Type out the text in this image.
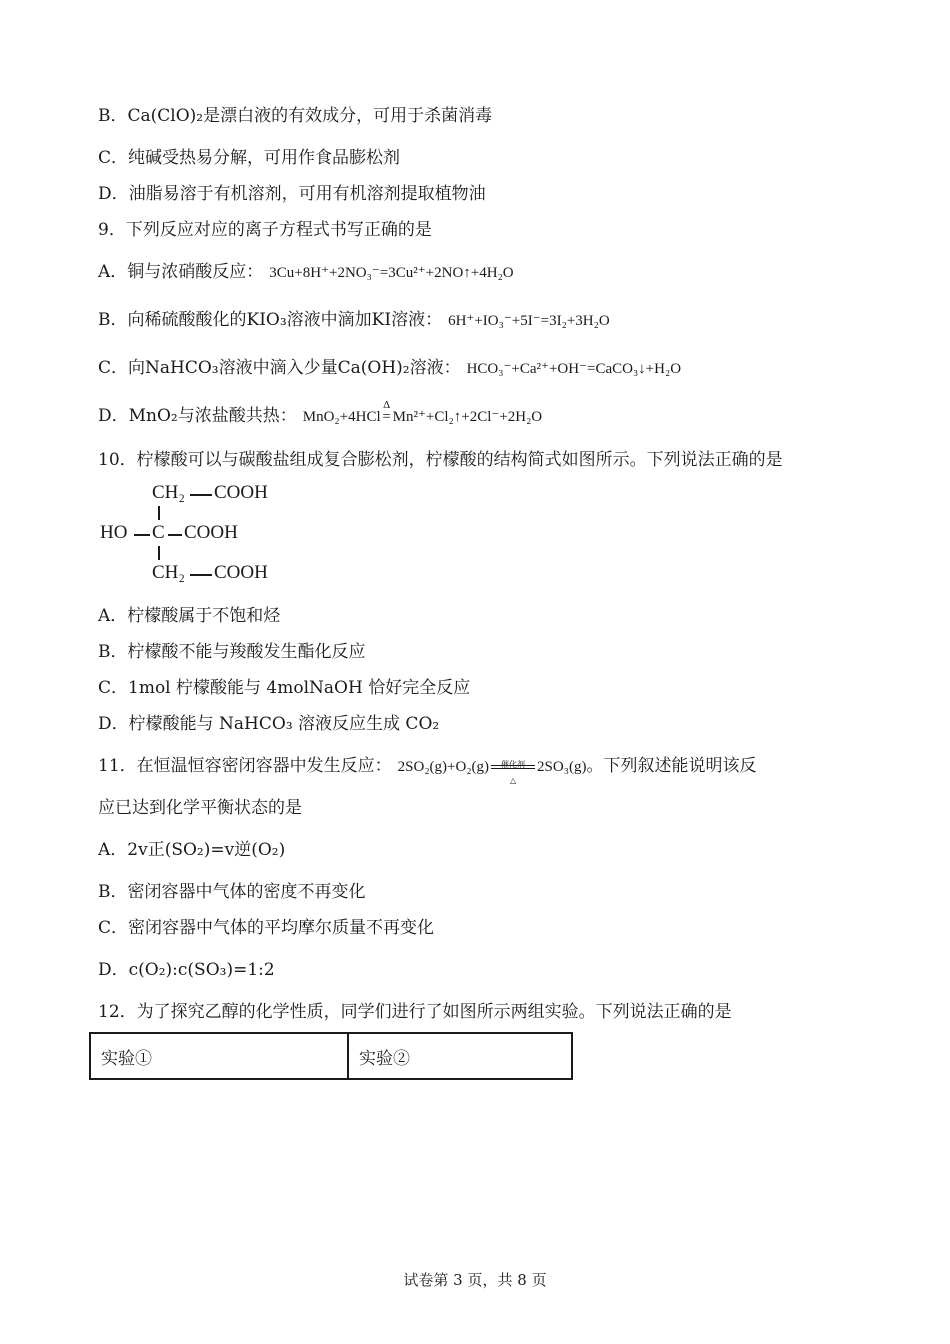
B．Ca(ClO)₂是漂白液的有效成分，可用于杀菌消毒
C．纯碱受热易分解，可用作食品膨松剂
D．油脂易溶于有机溶剂，可用有机溶剂提取植物油
9．下列反应对应的离子方程式书写正确的是
A．铜与浓硝酸反应： 3Cu+8H⁺+2NO₃⁻=3Cu²⁺+2NO↑+4H₂O
B．向稀硫酸酸化的KIO₃溶液中滴加KI溶液： 6H⁺+IO₃⁻+5I⁻=3I₂+3H₂O
C．向NaHCO₃溶液中滴入少量Ca(OH)₂溶液： HCO₃⁻+Ca²⁺+OH⁻=CaCO₃↓+H₂O
D．MnO₂与浓盐酸共热： MnO₂+4HCl
Δ
= Mn²⁺+Cl₂↑+2Cl⁻+2H₂O
10．柠檬酸可以与碳酸盐组成复合膨松剂，柠檬酸的结构简式如图所示。下列说法正确的是
CH₂ COOH
HO C COOH
CH₂ COOH
A．柠檬酸属于不饱和烃
B．柠檬酸不能与羧酸发生酯化反应
C．1mol 柠檬酸能与 4molNaOH 恰好完全反应
D．柠檬酸能与 NaHCO₃ 溶液反应生成 CO₂
11．在恒温恒容密闭容器中发生反应： 2SO₂(g)+O₂(g)
△
2SO₃(g)。下列叙述能说明该反
应已达到化学平衡状态的是
A．2v正(SO₂)=v逆(O₂)
B．密闭容器中气体的密度不再变化
C．密闭容器中气体的平均摩尔质量不再变化
D．c(O₂):c(SO₃)=1:2
12．为了探究乙醇的化学性质，同学们进行了如图所示两组实验。下列说法正确的是
实验①	实验②
试卷第 3 页，共 8 页
